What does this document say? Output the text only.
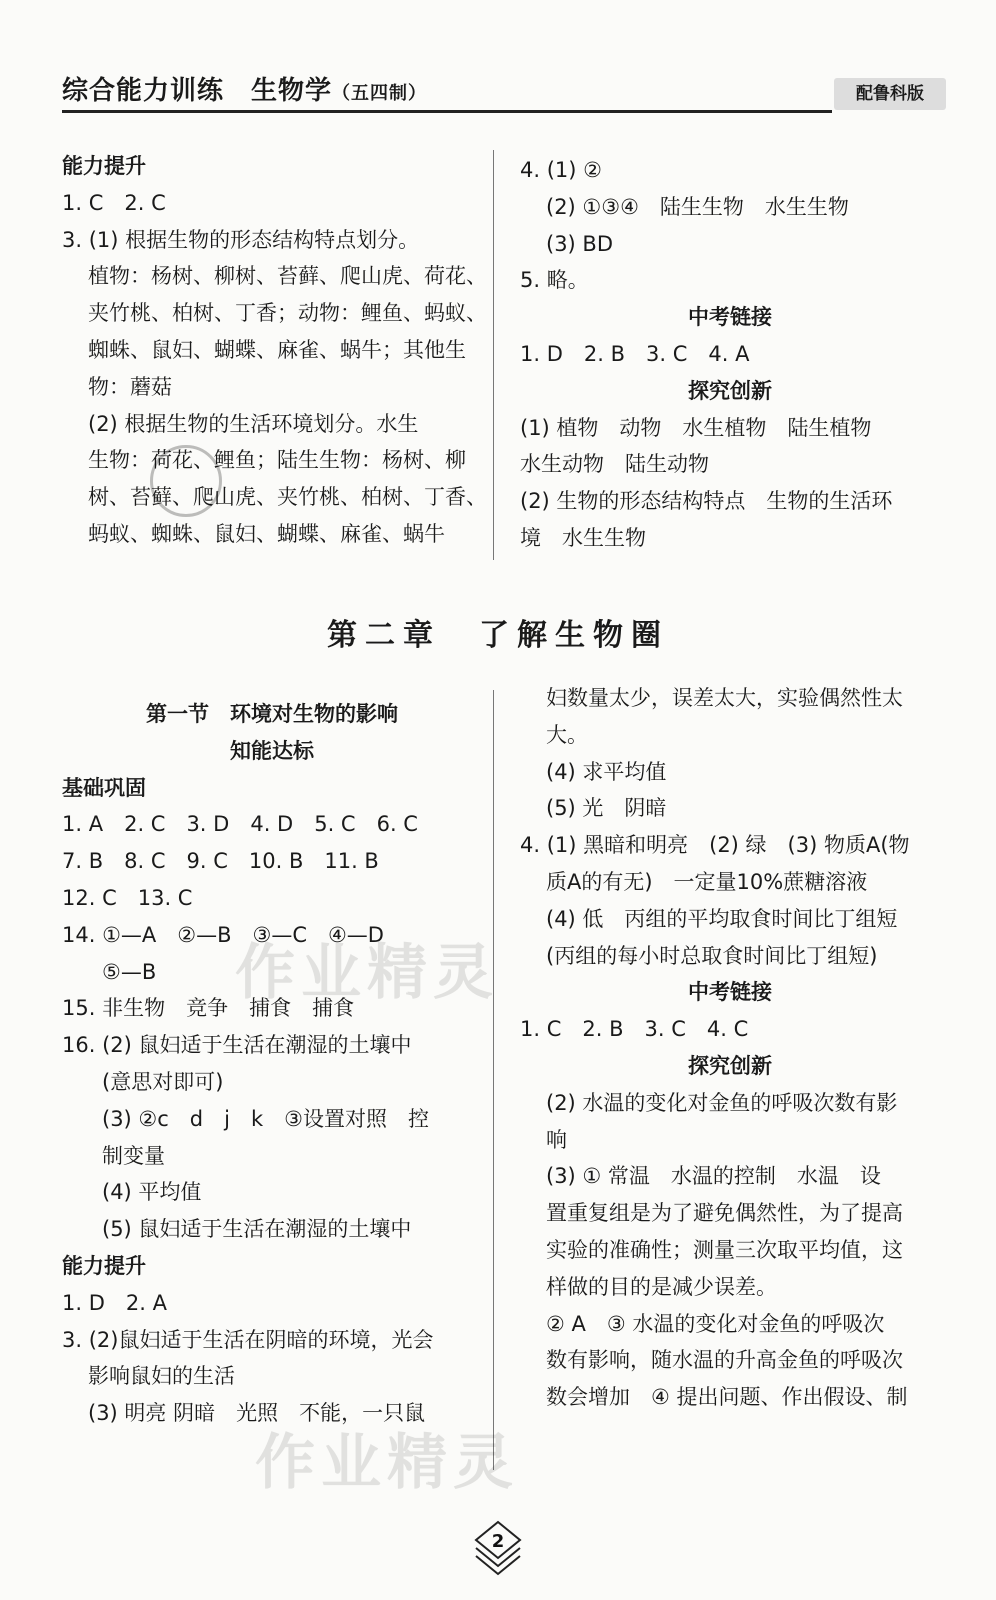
综合能力训练　生物学（五四制）	配鲁科版
能力提升
1. C　2. C
3. (1) 根据生物的形态结构特点划分。
植物：杨树、柳树、苔藓、爬山虎、荷花、
夹竹桃、柏树、丁香；动物：鲤鱼、蚂蚁、
蜘蛛、鼠妇、蝴蝶、麻雀、蜗牛；其他生
物：蘑菇
(2) 根据生物的生活环境划分。水生
生物：荷花、鲤鱼；陆生生物：杨树、柳
树、苔藓、爬山虎、夹竹桃、柏树、丁香、
蚂蚁、蜘蛛、鼠妇、蝴蝶、麻雀、蜗牛
4. (1) ②
(2) ①③④　陆生生物　水生生物
(3) BD
5. 略。
中考链接
1. D　2. B　3. C　4. A
探究创新
(1) 植物　动物　水生植物　陆生植物
水生动物　陆生动物
(2) 生物的形态结构特点　生物的生活环
境　水生生物
第二章　了解生物圈
第一节　环境对生物的影响
知能达标
基础巩固
1. A　2. C　3. D　4. D　5. C　6. C
7. B　8. C　9. C　10. B　11. B
12. C　13. C
14. ①—A　②—B　③—C　④—D
⑤—B
15. 非生物　竞争　捕食　捕食
16. (2) 鼠妇适于生活在潮湿的土壤中
(意思对即可)
(3) ②c　d　j　k　③设置对照　控
制变量
(4) 平均值
(5) 鼠妇适于生活在潮湿的土壤中
能力提升
1. D　2. A
3. (2)鼠妇适于生活在阴暗的环境，光会
影响鼠妇的生活
(3) 明亮 阴暗　光照　不能，一只鼠
妇数量太少，误差太大，实验偶然性太
大。
(4) 求平均值
(5) 光　阴暗
4. (1) 黑暗和明亮　(2) 绿　(3) 物质A(物
质A的有无)　一定量10%蔗糖溶液
(4) 低　丙组的平均取食时间比丁组短
(丙组的每小时总取食时间比丁组短)
中考链接
1. C　2. B　3. C　4. C
探究创新
(2) 水温的变化对金鱼的呼吸次数有影
响
(3) ① 常温　水温的控制　水温　设
置重复组是为了避免偶然性，为了提高
实验的准确性；测量三次取平均值，这
样做的目的是减少误差。
② A　③ 水温的变化对金鱼的呼吸次
数有影响，随水温的升高金鱼的呼吸次
数会增加　④ 提出问题、作出假设、制
作业精灵
作业精灵
2
